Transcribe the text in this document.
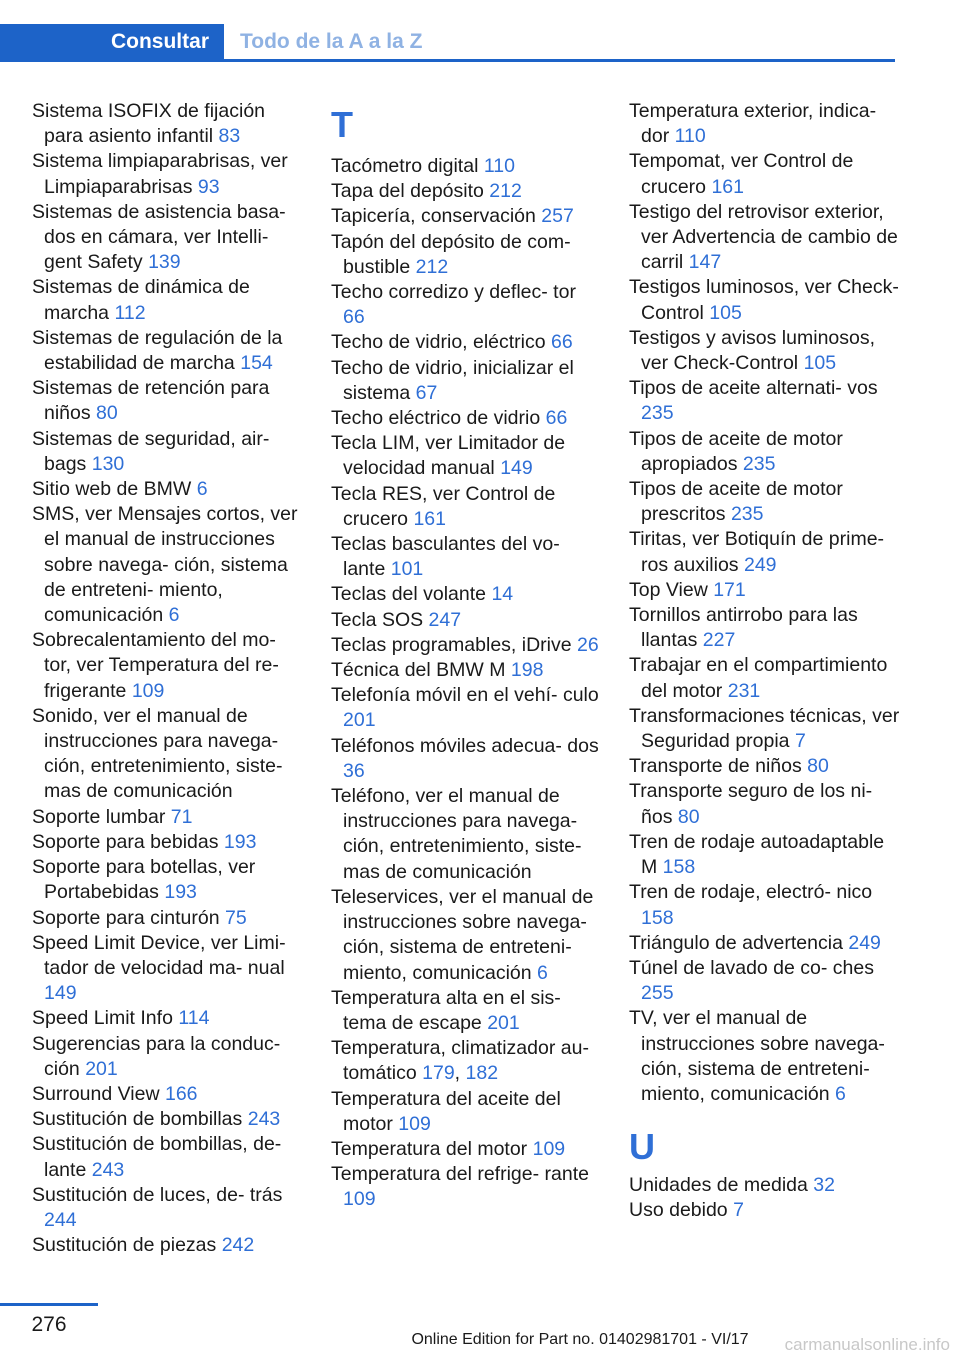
Consultar	Todo de la A a la Z
Sistema ISOFIX de fijación para asiento infantil 83
Sistema limpiaparabrisas, ver Limpiaparabrisas 93
Sistemas de asistencia basa- dos en cámara, ver Intelli- gent Safety 139
Sistemas de dinámica de marcha 112
Sistemas de regulación de la estabilidad de marcha 154
Sistemas de retención para niños 80
Sistemas de seguridad, air- bags 130
Sitio web de BMW 6
SMS, ver Mensajes cortos, ver el manual de instrucciones sobre navega- ción, sistema de entreteni- miento, comunicación 6
Sobrecalentamiento del mo- tor, ver Temperatura del re- frigerante 109
Sonido, ver el manual de instrucciones para navega- ción, entretenimiento, siste- mas de comunicación
Soporte lumbar 71
Soporte para bebidas 193
Soporte para botellas, ver Portabebidas 193
Soporte para cinturón 75
Speed Limit Device, ver Limi- tador de velocidad ma- nual 149
Speed Limit Info 114
Sugerencias para la conduc- ción 201
Surround View 166
Sustitución de bombillas 243
Sustitución de bombillas, de- lante 243
Sustitución de luces, de- trás 244
Sustitución de piezas 242
T
Tacómetro digital 110
Tapa del depósito 212
Tapicería, conservación 257
Tapón del depósito de com- bustible 212
Techo corredizo y deflec- tor 66
Techo de vidrio, eléctrico 66
Techo de vidrio, inicializar el sistema 67
Techo eléctrico de vidrio 66
Tecla LIM, ver Limitador de velocidad manual 149
Tecla RES, ver Control de crucero 161
Teclas basculantes del vo- lante 101
Teclas del volante 14
Tecla SOS 247
Teclas programables, iDrive 26
Técnica del BMW M 198
Telefonía móvil en el vehí- culo 201
Teléfonos móviles adecua- dos 36
Teléfono, ver el manual de instrucciones para navega- ción, entretenimiento, siste- mas de comunicación
Teleservices, ver el manual de instrucciones sobre navega- ción, sistema de entreteni- miento, comunicación 6
Temperatura alta en el sis- tema de escape 201
Temperatura, climatizador au- tomático 179, 182
Temperatura del aceite del motor 109
Temperatura del motor 109
Temperatura del refrige- rante 109
Temperatura exterior, indica- dor 110
Tempomat, ver Control de crucero 161
Testigo del retrovisor exterior, ver Advertencia de cambio de carril 147
Testigos luminosos, ver Check-Control 105
Testigos y avisos luminosos, ver Check-Control 105
Tipos de aceite alternati- vos 235
Tipos de aceite de motor apropiados 235
Tipos de aceite de motor prescritos 235
Tiritas, ver Botiquín de prime- ros auxilios 249
Top View 171
Tornillos antirrobo para las llantas 227
Trabajar en el compartimiento del motor 231
Transformaciones técnicas, ver Seguridad propia 7
Transporte de niños 80
Transporte seguro de los ni- ños 80
Tren de rodaje autoadaptable M 158
Tren de rodaje, electró- nico 158
Triángulo de advertencia 249
Túnel de lavado de co- ches 255
TV, ver el manual de instrucciones sobre navega- ción, sistema de entreteni- miento, comunicación 6
U
Unidades de medida 32
Uso debido 7
276
Online Edition for Part no. 01402981701 - VI/17	carmanualsonline.info
